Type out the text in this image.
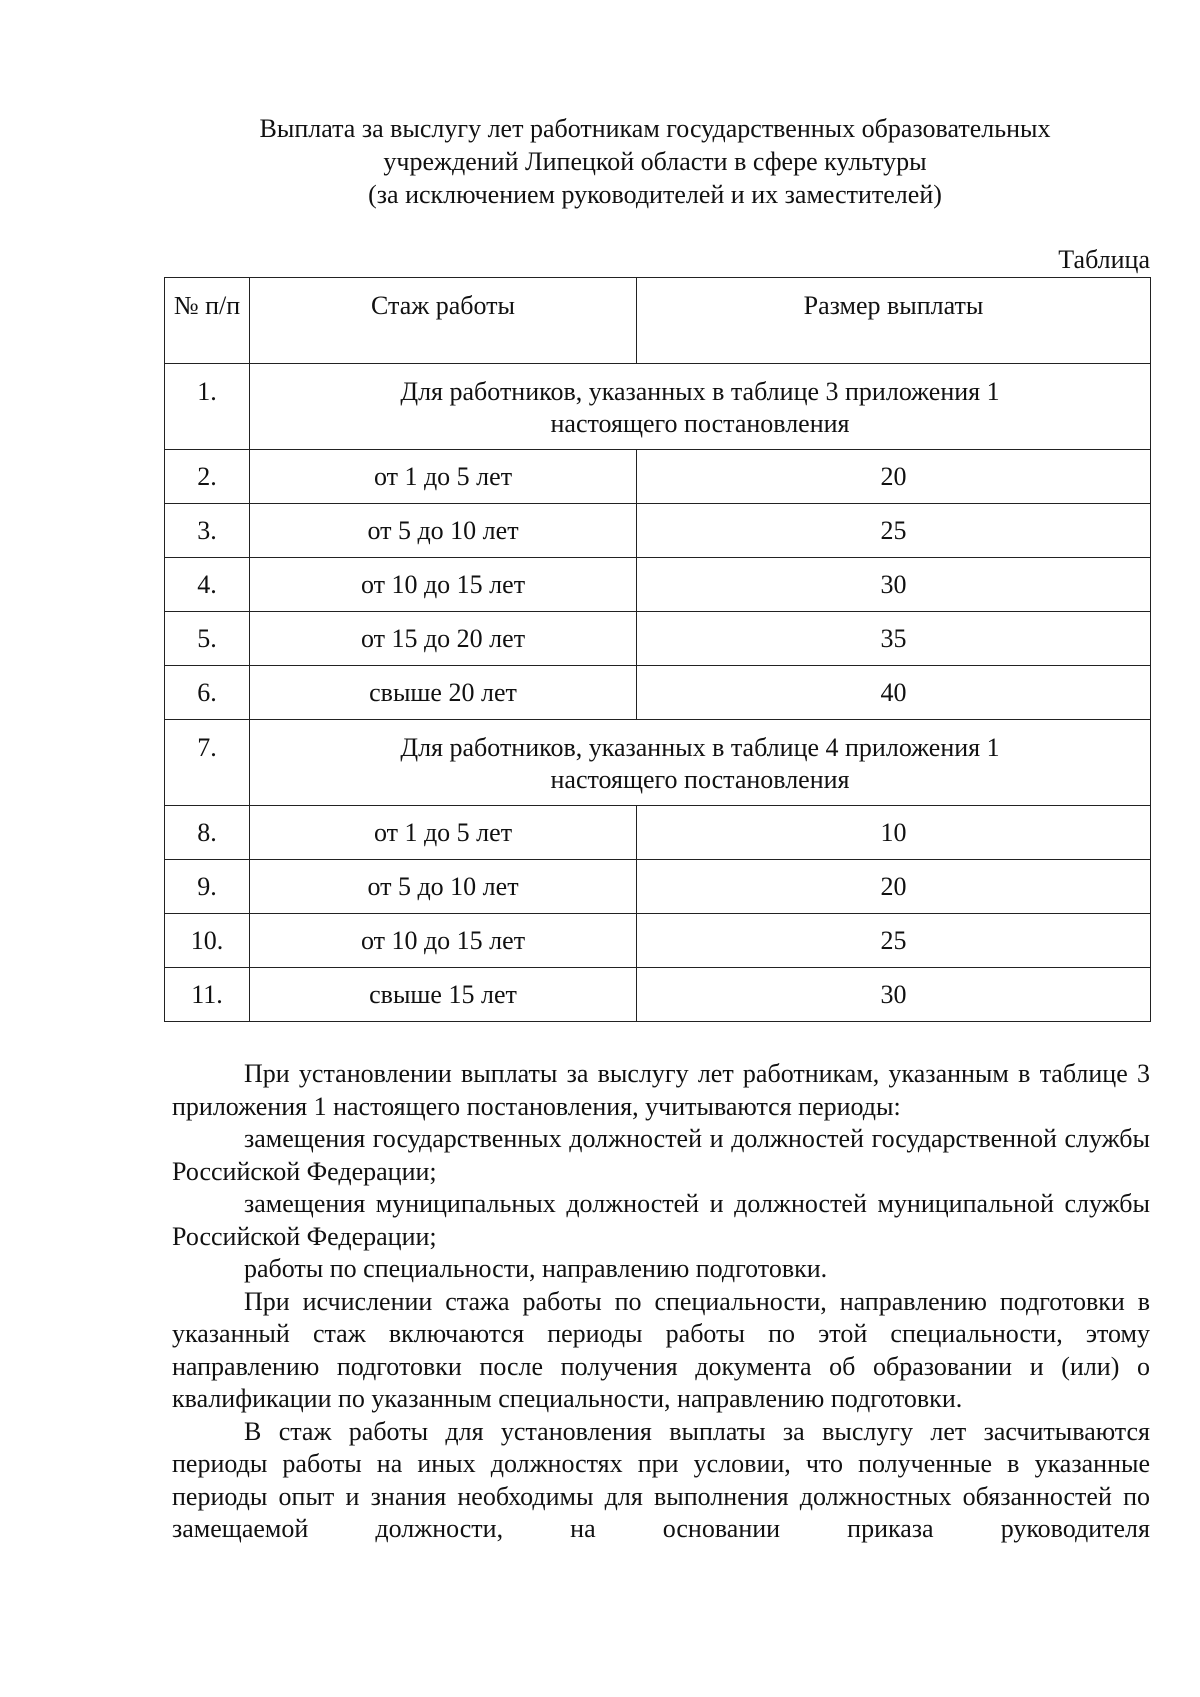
Выплата за выслугу лет работникам государственных образовательных
учреждений Липецкой области в сфере культуры
(за исключением руководителей и их заместителей)
Таблица
№ п/п	Стаж работы	Размер выплаты
1.	Для работников, указанных в таблице 3 приложения 1 настоящего постановления	
2.	от 1 до 5 лет	20
3.	от 5 до 10 лет	25
4.	от 10 до 15 лет	30
5.	от 15 до 20 лет	35
6.	свыше 20 лет	40
7.	Для работников, указанных в таблице 4 приложения 1 настоящего постановления	
8.	от 1 до 5 лет	10
9.	от 5 до 10 лет	20
10.	от 10 до 15 лет	25
11.	свыше 15 лет	30

При установлении выплаты за выслугу лет работникам, указанным в таблице 3 приложения 1 настоящего постановления, учитываются периоды:

замещения государственных должностей и должностей государственной службы Российской Федерации;

замещения муниципальных должностей и должностей муниципальной службы Российской Федерации;

работы по специальности, направлению подготовки.

При исчислении стажа работы по специальности, направлению подготовки в указанный стаж включаются периоды работы по этой специальности, этому направлению подготовки после получения документа об образовании и (или) о квалификации по указанным специальности, направлению подготовки.

В стаж работы для установления выплаты за выслугу лет засчитываются периоды работы на иных должностях при условии, что полученные в указанные периоды опыт и знания необходимы для выполнения должностных обязанностей по замещаемой должности, на основании приказа руководителя
